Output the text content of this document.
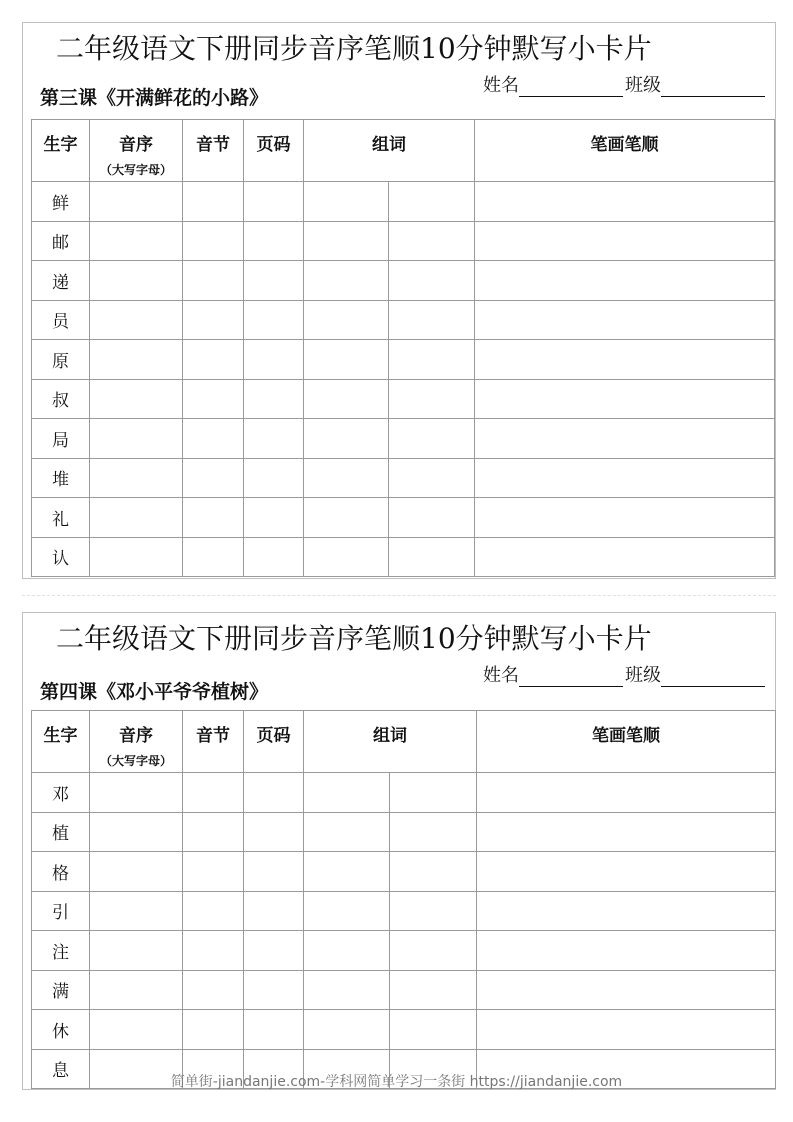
二年级语文下册同步音序笔顺10分钟默写小卡片
第三课《开满鲜花的小路》
姓名	班级
生字	音序
（大写字母）	音节	页码	组词		笔画笔顺
鲜						
邮						
递						
员						
原						
叔						
局						
堆						
礼						
认						
二年级语文下册同步音序笔顺10分钟默写小卡片
第四课《邓小平爷爷植树》
姓名	班级
生字	音序
（大写字母）	音节	页码	组词		笔画笔顺
邓						
植						
格						
引						
注						
满						
休						
息						
简单街-jiandanjie.com-学科网简单学习一条街 https://jiandanjie.com
